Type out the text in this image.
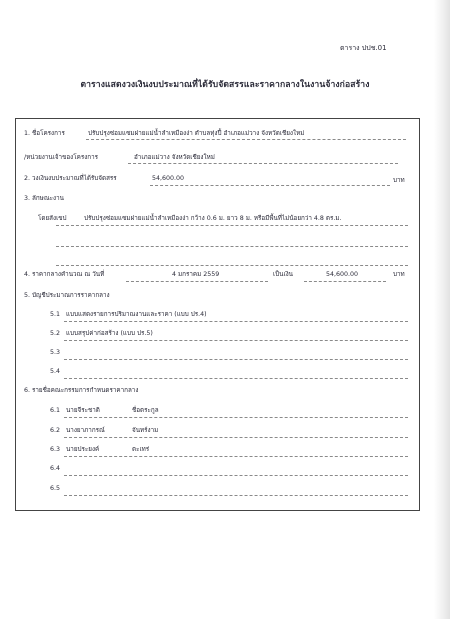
ตาราง ปปช.01
ตารางแสดงวงเงินงบประมาณที่ได้รับจัดสรรและราคากลางในงานจ้างก่อสร้าง
1. ชื่อโครงการ	ปรับปรุงซ่อมแซมฝายแม่น้ำลำเหมืองง่า ตำบลทุ่งปี้ อำเภอแม่วาง จังหวัดเชียงใหม่
/หน่วยงานเจ้าของโครงการ	อำเภอแม่วาง จังหวัดเชียงใหม่
2. วงเงินงบประมาณที่ได้รับจัดสรร	54,600.00	บาท
3. ลักษณะงาน
โดยสังเขป	ปรับปรุงซ่อมแซมฝายแม่น้ำลำเหมืองง่า กว้าง 0.6 ม. ยาว 8 ม. หรือมีพื้นที่ไม่น้อยกว่า 4.8 ตร.ม.
4. ราคากลางคำนวณ ณ วันที่	4 มกราคม 2559	เป็นเงิน	54,600.00	บาท
5. บัญชีประมาณการราคากลาง
5.1 แบบแสดงรายการปริมาณงานและราคา (แบบ ปร.4)
5.2 แบบสรุปค่าก่อสร้าง (แบบ ปร.5)
5.3
5.4
6. รายชื่อคณะกรรมการกำหนดราคากลาง
6.1 นายจีระชาติ	ชื่อตระกูล
6.2 นางยาภากรณ์	จันทร์งาม
6.3 นายประยงค์	ตะเทร่
6.4
6.5
